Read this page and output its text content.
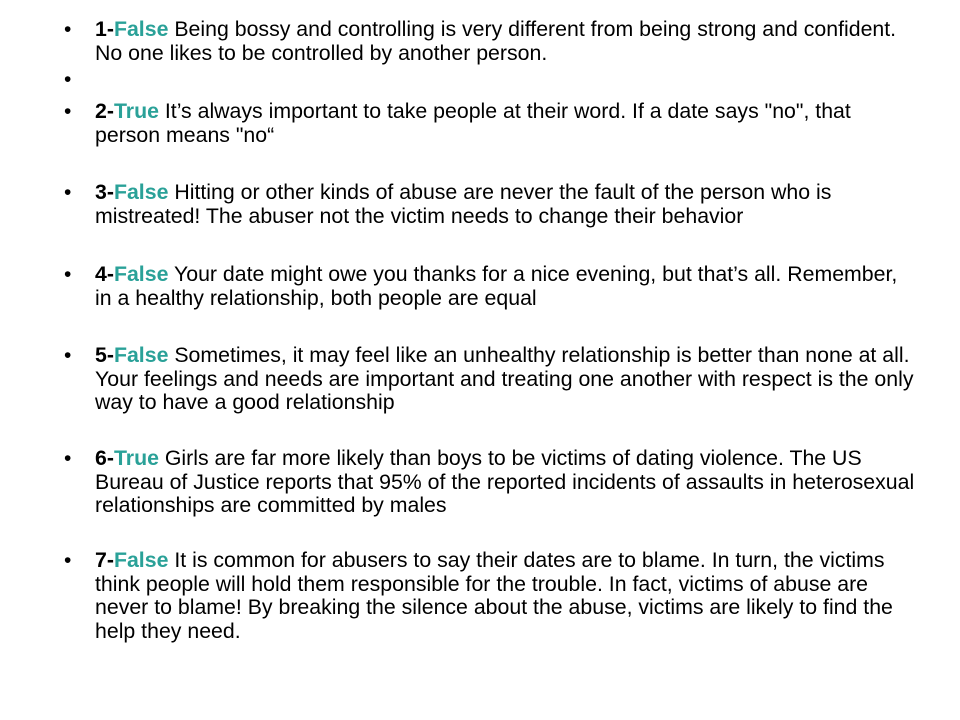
• 1-False Being bossy and controlling is very different from being strong and confident. No one likes to be controlled by another person.
•
• 2-True It’s always important to take people at their word. If a date says "no", that person means "no“
• 3-False Hitting or other kinds of abuse are never the fault of the person who is mistreated! The abuser not the victim needs to change their behavior
• 4-False Your date might owe you thanks for a nice evening, but that’s all. Remember, in a healthy relationship, both people are equal
• 5-False Sometimes, it may feel like an unhealthy relationship is better than none at all. Your feelings and needs are important and treating one another with respect is the only way to have a good relationship
• 6-True Girls are far more likely than boys to be victims of dating violence. The US Bureau of Justice reports that 95% of the reported incidents of assaults in heterosexual relationships are committed by males
• 7-False It is common for abusers to say their dates are to blame. In turn, the victims think people will hold them responsible for the trouble. In fact, victims of abuse are never to blame! By breaking the silence about the abuse, victims are likely to find the help they need.
